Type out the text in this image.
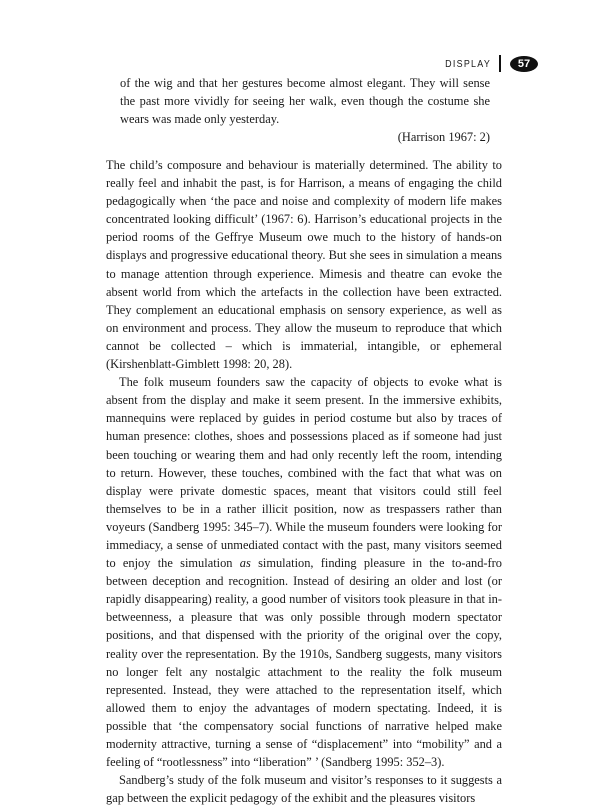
DISPLAY	57

of the wig and that her gestures become almost elegant. They will sense the past more vividly for seeing her walk, even though the costume she wears was made only yesterday.

(Harrison 1967: 2)

The child’s composure and behaviour is materially determined. The ability to really feel and inhabit the past, is for Harrison, a means of engaging the child pedagogically when ‘the pace and noise and complexity of modern life makes concentrated looking difficult’ (1967: 6). Harrison’s educational projects in the period rooms of the Geffrye Museum owe much to the history of hands-on displays and progressive educational theory. But she sees in simulation a means to manage attention through experience. Mimesis and theatre can evoke the absent world from which the artefacts in the collection have been extracted. They complement an educational emphasis on sensory experience, as well as on environment and process. They allow the museum to reproduce that which cannot be collected – which is immaterial, intangible, or ephemeral (Kirshenblatt-Gimblett 1998: 20, 28).

The folk museum founders saw the capacity of objects to evoke what is absent from the display and make it seem present. In the immersive exhibits, mannequins were replaced by guides in period costume but also by traces of human presence: clothes, shoes and possessions placed as if someone had just been touching or wearing them and had only recently left the room, intending to return. However, these touches, combined with the fact that what was on display were private domestic spaces, meant that visitors could still feel themselves to be in a rather illicit position, now as trespassers rather than voyeurs (Sandberg 1995: 345–7). While the museum founders were looking for immediacy, a sense of unmediated contact with the past, many visitors seemed to enjoy the simulation as simulation, finding pleasure in the to-and-fro between deception and recognition. Instead of desiring an older and lost (or rapidly disappearing) reality, a good number of visitors took pleasure in that in-betweenness, a pleasure that was only possible through modern spectator positions, and that dispensed with the priority of the original over the copy, reality over the representation. By the 1910s, Sandberg suggests, many visitors no longer felt any nostalgic attachment to the reality the folk museum represented. Instead, they were attached to the representation itself, which allowed them to enjoy the advantages of modern spectating. Indeed, it is possible that ‘the compensatory social functions of narrative helped make modernity attractive, turning a sense of “displacement” into “mobility” and a feeling of “rootlessness” into “liberation” ’ (Sandberg 1995: 352–3).

Sandberg’s study of the folk museum and visitor’s responses to it suggests a gap between the explicit pedagogy of the exhibit and the pleasures visitors
